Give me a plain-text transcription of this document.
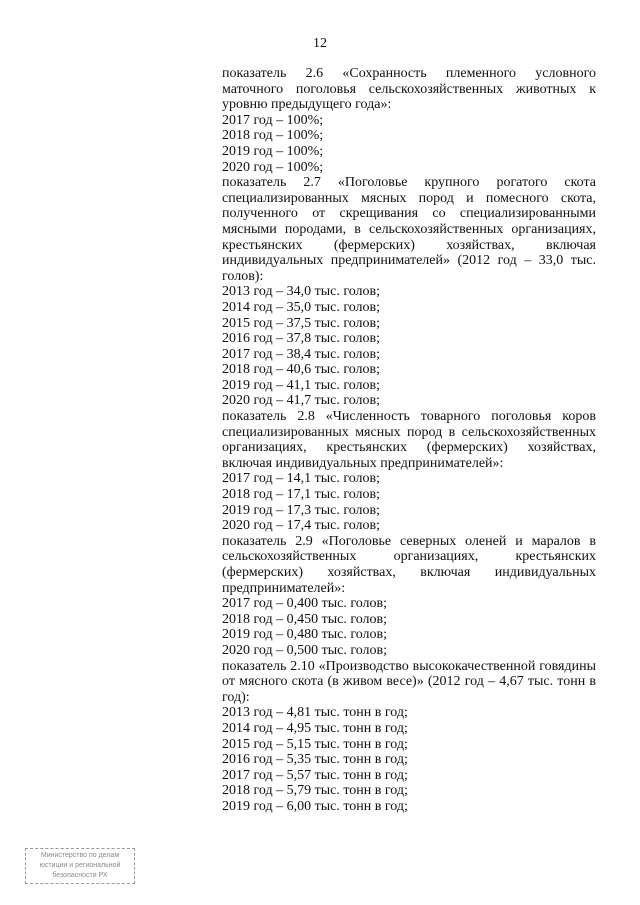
12

показатель 2.6 «Сохранность племенного условного маточного поголовья сельскохозяйственных животных к уровню предыдущего года»:

2017 год – 100%;

2018 год – 100%;

2019 год – 100%;

2020 год – 100%;

показатель 2.7 «Поголовье крупного рогатого скота специализированных мясных пород и помесного скота, полученного от скрещивания со специализированными мясными породами, в сельскохозяйственных организациях, крестьянских (фермерских) хозяйствах, включая индивидуальных предпринимателей» (2012 год – 33,0 тыс. голов):

2013 год – 34,0 тыс. голов;

2014 год – 35,0 тыс. голов;

2015 год – 37,5 тыс. голов;

2016 год – 37,8 тыс. голов;

2017 год – 38,4 тыс. голов;

2018 год – 40,6 тыс. голов;

2019 год – 41,1 тыс. голов;

2020 год – 41,7 тыс. голов;

показатель 2.8 «Численность товарного поголовья коров специализированных мясных пород в сельскохозяйственных организациях, крестьянских (фермерских) хозяйствах, включая индивидуальных предпринимателей»:

2017 год – 14,1 тыс. голов;

2018 год – 17,1 тыс. голов;

2019 год – 17,3 тыс. голов;

2020 год – 17,4 тыс. голов;

показатель 2.9 «Поголовье северных оленей и маралов в сельскохозяйственных организациях, крестьянских (фермерских) хозяйствах, включая индивидуальных предпринимателей»:

2017 год – 0,400 тыс. голов;

2018 год – 0,450 тыс. голов;

2019 год – 0,480 тыс. голов;

2020 год – 0,500 тыс. голов;

показатель 2.10 «Производство высококачественной говядины от мясного скота (в живом весе)» (2012 год – 4,67 тыс. тонн в год):

2013 год – 4,81 тыс. тонн в год;

2014 год – 4,95 тыс. тонн в год;

2015 год – 5,15 тыс. тонн в год;

2016 год – 5,35 тыс. тонн в год;

2017 год – 5,57 тыс. тонн в год;

2018 год – 5,79 тыс. тонн в год;

2019 год – 6,00 тыс. тонн в год;

Министерство по делам
юстиции и региональной
безопасности РХ
